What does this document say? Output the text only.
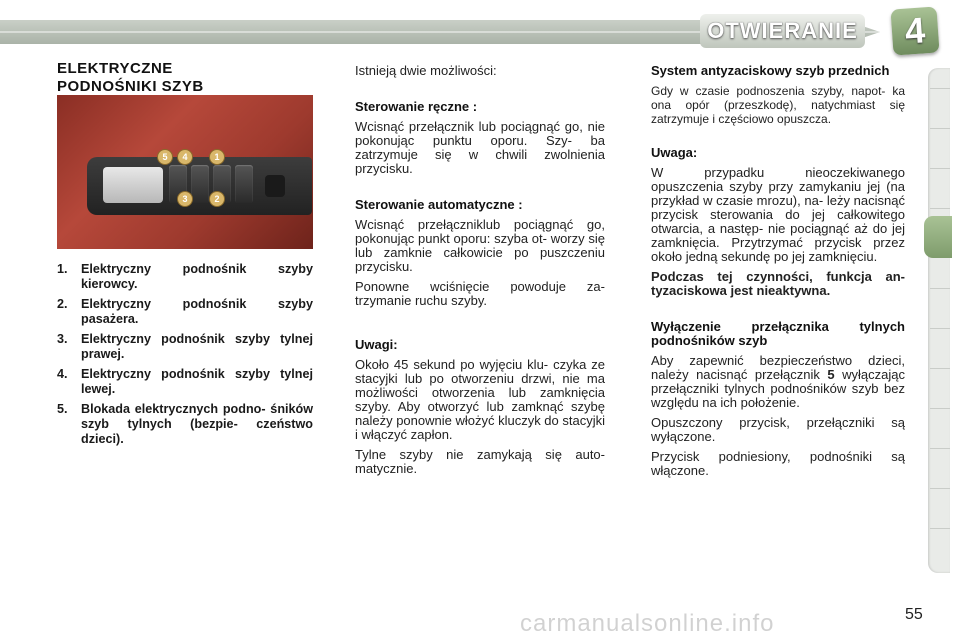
OTWIERANIE	4
ELEKTRYCZNE
PODNOŚNIKI SZYB
5	4	1
3	2
1. Elektryczny podnośnik szyby kierowcy.
2. Elektryczny podnośnik szyby pasażera.
3. Elektryczny podnośnik szyby tylnej prawej.
4. Elektryczny podnośnik szyby tylnej lewej.
5. Blokada elektrycznych podno- śników szyb tylnych (bezpie- czeństwo dzieci).

Istnieją dwie możliwości:

Sterowanie ręczne :

Wcisnąć przełącznik lub pociągnąć go, nie pokonując punktu oporu. Szy- ba zatrzymuje się w chwili zwolnienia przycisku.

Sterowanie automatyczne :

Wcisnąć przełączniklub pociągnąć go, pokonując punkt oporu: szyba ot- worzy się lub zamknie całkowicie po puszczeniu przycisku.

Ponowne wciśnięcie powoduje za- trzymanie ruchu szyby.

Uwagi:

Około 45 sekund po wyjęciu klu- czyka ze stacyjki lub po otworzeniu drzwi, nie ma możliwości otworzenia lub zamknięcia szyby. Aby otworzyć lub zamknąć szybę należy ponownie włożyć kluczyk do stacyjki i włączyć zapłon.

Tylne szyby nie zamykają się auto- matycznie.

System antyzaciskowy szyb przednich

Gdy w czasie podnoszenia szyby, napot- ka ona opór (przeszkodę), natychmiast się zatrzymuje i częściowo opuszcza.

Uwaga:

W przypadku nieoczekiwanego opuszczenia szyby przy zamykaniu jej (na przykład w czasie mrozu), na- leży nacisnąć przycisk sterowania do jej całkowitego otwarcia, a następ- nie pociągnąć aż do jej zamknięcia. Przytrzymać przycisk przez około jedną sekundę po jej zamknięciu.

Podczas tej czynności, funkcja an- tyzaciskowa jest nieaktywna.

Wyłączenie przełącznika tylnych podnośników szyb

Aby zapewnić bezpieczeństwo dzieci, należy nacisnąć przełącznik 5 wyłączając przełączniki tylnych podnośników szyb bez względu na ich położenie.

Opuszczony przycisk, przełączniki są wyłączone.

Przycisk podniesiony, podnośniki są włączone.

carmanualsonline.info	55
